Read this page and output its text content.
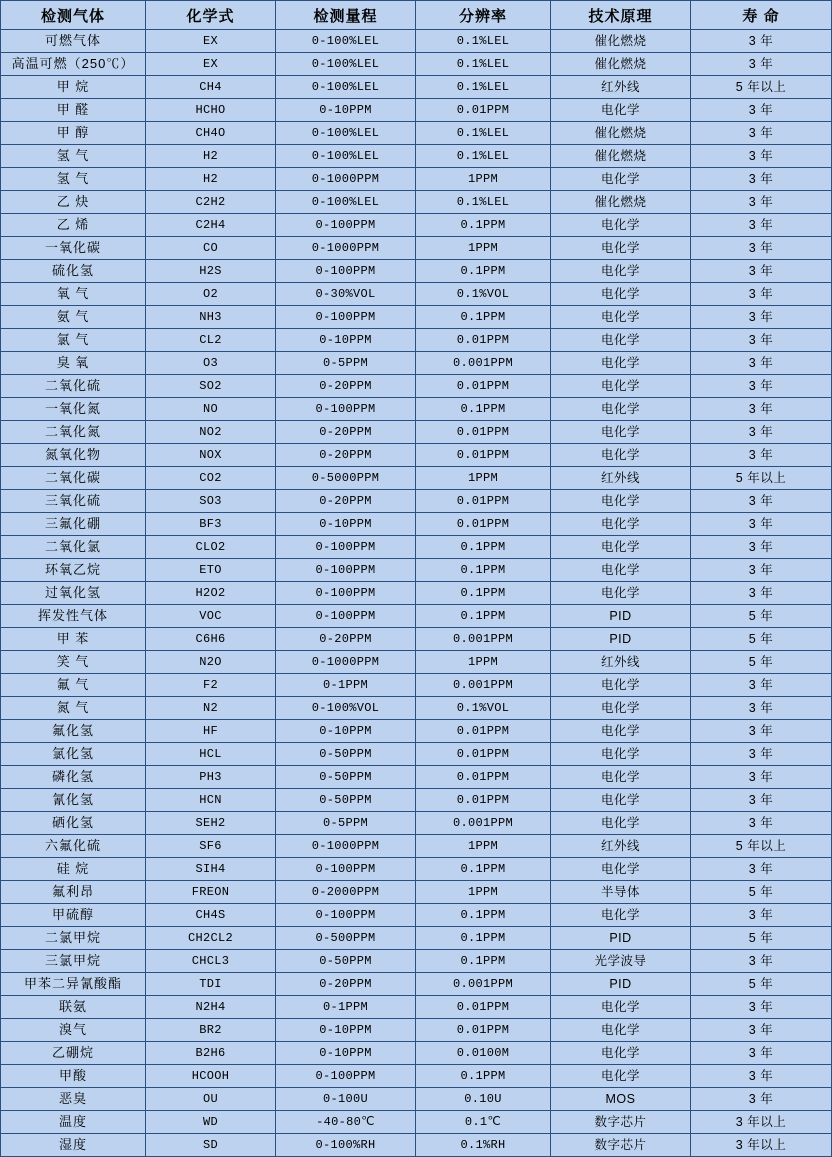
检测气体	化学式	检测量程	分辨率	技术原理	寿 命
可燃气体	EX	0-100%LEL	0.1%LEL	催化燃烧	3 年
高温可燃（250℃）	EX	0-100%LEL	0.1%LEL	催化燃烧	3 年
甲 烷	CH4	0-100%LEL	0.1%LEL	红外线	5 年以上
甲 醛	HCHO	0-10PPM	0.01PPM	电化学	3 年
甲 醇	CH4O	0-100%LEL	0.1%LEL	催化燃烧	3 年
氢 气	H2	0-100%LEL	0.1%LEL	催化燃烧	3 年
氢 气	H2	0-1000PPM	1PPM	电化学	3 年
乙 炔	C2H2	0-100%LEL	0.1%LEL	催化燃烧	3 年
乙 烯	C2H4	0-100PPM	0.1PPM	电化学	3 年
一氧化碳	CO	0-1000PPM	1PPM	电化学	3 年
硫化氢	H2S	0-100PPM	0.1PPM	电化学	3 年
氧 气	O2	0-30%VOL	0.1%VOL	电化学	3 年
氨 气	NH3	0-100PPM	0.1PPM	电化学	3 年
氯 气	CL2	0-10PPM	0.01PPM	电化学	3 年
臭 氧	O3	0-5PPM	0.001PPM	电化学	3 年
二氧化硫	SO2	0-20PPM	0.01PPM	电化学	3 年
一氧化氮	NO	0-100PPM	0.1PPM	电化学	3 年
二氧化氮	NO2	0-20PPM	0.01PPM	电化学	3 年
氮氧化物	NOX	0-20PPM	0.01PPM	电化学	3 年
二氧化碳	CO2	0-5000PPM	1PPM	红外线	5 年以上
三氧化硫	SO3	0-20PPM	0.01PPM	电化学	3 年
三氟化硼	BF3	0-10PPM	0.01PPM	电化学	3 年
二氧化氯	CLO2	0-100PPM	0.1PPM	电化学	3 年
环氧乙烷	ETO	0-100PPM	0.1PPM	电化学	3 年
过氧化氢	H2O2	0-100PPM	0.1PPM	电化学	3 年
挥发性气体	VOC	0-100PPM	0.1PPM	PID	5 年
甲 苯	C6H6	0-20PPM	0.001PPM	PID	5 年
笑 气	N2O	0-1000PPM	1PPM	红外线	5 年
氟 气	F2	0-1PPM	0.001PPM	电化学	3 年
氮 气	N2	0-100%VOL	0.1%VOL	电化学	3 年
氟化氢	HF	0-10PPM	0.01PPM	电化学	3 年
氯化氢	HCL	0-50PPM	0.01PPM	电化学	3 年
磷化氢	PH3	0-50PPM	0.01PPM	电化学	3 年
氰化氢	HCN	0-50PPM	0.01PPM	电化学	3 年
硒化氢	SEH2	0-5PPM	0.001PPM	电化学	3 年
六氟化硫	SF6	0-1000PPM	1PPM	红外线	5 年以上
硅 烷	SIH4	0-100PPM	0.1PPM	电化学	3 年
氟利昂	FREON	0-2000PPM	1PPM	半导体	5 年
甲硫醇	CH4S	0-100PPM	0.1PPM	电化学	3 年
二氯甲烷	CH2CL2	0-500PPM	0.1PPM	PID	5 年
三氯甲烷	CHCL3	0-50PPM	0.1PPM	光学波导	3 年
甲苯二异氰酸酯	TDI	0-20PPM	0.001PPM	PID	5 年
联氨	N2H4	0-1PPM	0.01PPM	电化学	3 年
溴气	BR2	0-10PPM	0.01PPM	电化学	3 年
乙硼烷	B2H6	0-10PPM	0.0100M	电化学	3 年
甲酸	HCOOH	0-100PPM	0.1PPM	电化学	3 年
恶臭	OU	0-100U	0.10U	MOS	3 年
温度	WD	-40-80℃	0.1℃	数字芯片	3 年以上
湿度	SD	0-100%RH	0.1%RH	数字芯片	3 年以上
